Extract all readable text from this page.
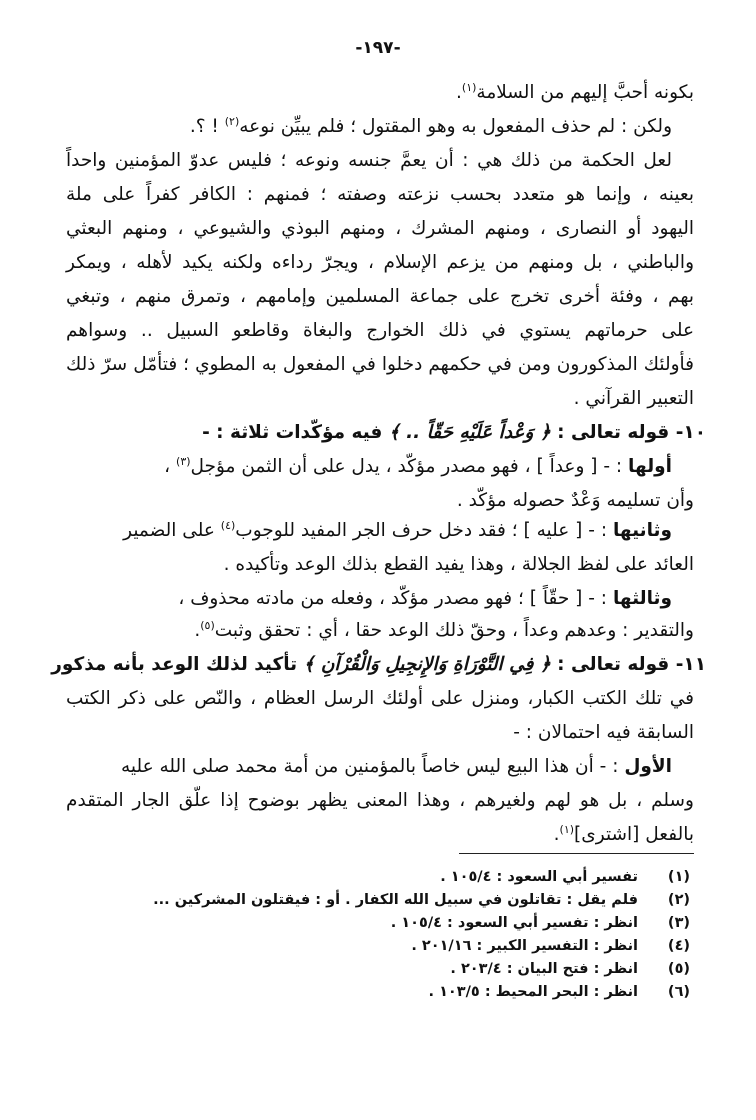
-١٩٧-
بكونه أحبَّ إليهم من السلامة$^{(١)}$.
ولكن : لم حذف المفعول به وهو المقتول ؛ فلم يبيِّن نوعه$^{(٢)}$ ! ؟.
لعل الحكمة من ذلك هي : أن يعمَّ جنسه ونوعه ؛ فليس عدوّ المؤمنين واحداً
بعينه ، وإنما هو متعدد بحسب نزعته وصفته ؛ فمنهم : الكافر كفراً على ملة
اليهود أو النصارى ، ومنهم المشرك ، ومنهم البوذي والشيوعي ، ومنهم البعثي
والباطني ، بل ومنهم من يزعم الإسلام ، ويجرّ رداءه ولكنه يكيد لأهله ، ويمكر
بهم ، وفئة أخرى تخرج على جماعة المسلمين وإمامهم ، وتمرق منهم ، وتبغي
على حرماتهم يستوي في ذلك الخوارج والبغاة وقاطعو السبيل .. وسواهم
فأولئك المذكورون ومن في حكمهم دخلوا في المفعول به المطوي ؛ فتأمّل سرّ ذلك
التعبير القرآني .
١٠- قوله تعالى : ﴿ وَعْداً عَلَيْهِ حَقّاً .. ﴾ فيه مؤكّدات ثلاثة : -
أولها : - [ وعداً ] ، فهو مصدر مؤكّد ، يدل على أن الثمن مؤجل$^{(٣)}$ ،
وأن تسليمه وَعْدٌ حصوله مؤكّد .
وثانيها : - [ عليه ] ؛ فقد دخل حرف الجر المفيد للوجوب$^{(٤)}$ على الضمير
العائد على لفظ الجلالة ، وهذا يفيد القطع بذلك الوعد وتأكيده .
وثالثها : - [ حقّاً ] ؛ فهو مصدر مؤكّد ، وفعله من مادته محذوف ،
والتقدير : وعدهم وعداً ، وحقّ ذلك الوعد حقا ، أي : تحقق وثبت$^{(٥)}$.
١١- قوله تعالى : ﴿ فِي التَّوْرَاةِ وَالإِنجِيلِ وَالْقُرْآنِ ﴾ تأكيد لذلك الوعد بأنه مذكور
في تلك الكتب الكبار، ومنزل على أولئك الرسل العظام ، والنّص على ذكر الكتب
السابقة فيه احتمالان : -
الأول : - أن هذا البيع ليس خاصاً بالمؤمنين من أمة محمد صلى الله عليه
وسلم ، بل هو لهم ولغيرهم ، وهذا المعنى يظهر بوضوح إذا علّق الجار المتقدم
بالفعل [اشترى]$^{(١)}$.
(١)تفسير أبي السعود : ١٠٥/٤ .
(٢)فلم يقل : تقاتلون في سبيل الله الكفار . أو : فيقتلون المشركين ...
(٣)انظر : تفسير أبي السعود : ١٠٥/٤ .
(٤)انظر : التفسير الكبير : ٢٠١/١٦ .
(٥)انظر : فتح البيان : ٢٠٣/٤ .
(٦)انظر : البحر المحيط : ١٠٣/٥ .
